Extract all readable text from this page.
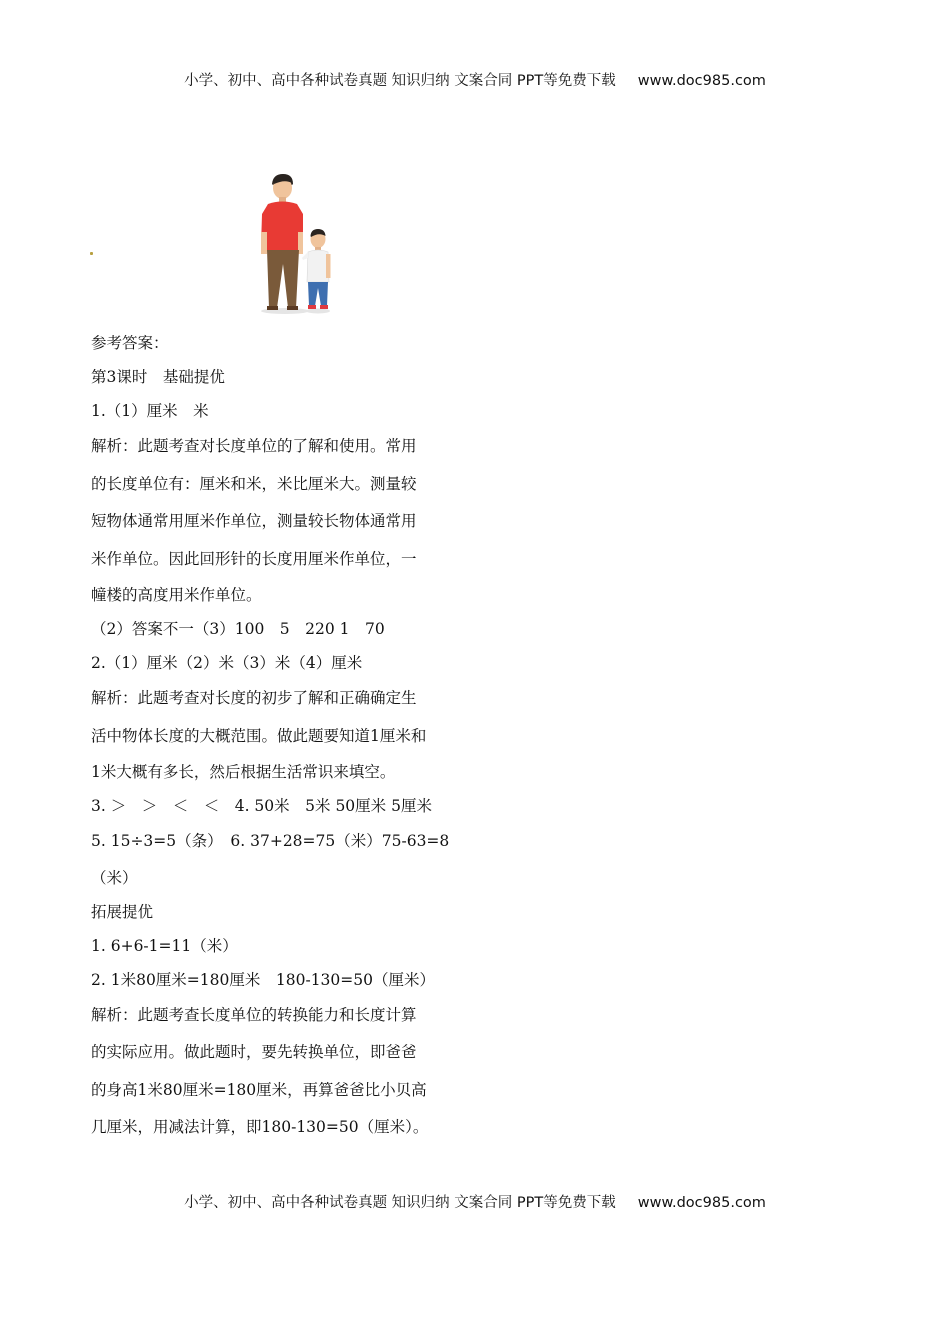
小学、初中、高中各种试卷真题 知识归纳 文案合同 PPT等免费下载 www.doc985.com

参考答案：

第3课时　基础提优

1.（1）厘米　米

解析：此题考查对长度单位的了解和使用。常用

的长度单位有：厘米和米，米比厘米大。测量较

短物体通常用厘米作单位，测量较长物体通常用

米作单位。因此回形针的长度用厘米作单位，一

幢楼的高度用米作单位。

（2）答案不一（3）100　5　220 1　70

2.（1）厘米（2）米（3）米（4）厘米

解析：此题考查对长度的初步了解和正确确定生

活中物体长度的大概范围。做此题要知道1厘米和

1米大概有多长，然后根据生活常识来填空。

3. ＞　＞　＜　＜　4. 50米　5米 50厘米 5厘米

5. 15÷3=5（条）　6. 37+28=75（米）75-63=8

（米）

拓展提优

1. 6+6-1=11（米）

2. 1米80厘米=180厘米　180-130=50（厘米）

解析：此题考查长度单位的转换能力和长度计算

的实际应用。做此题时，要先转换单位，即爸爸

的身高1米80厘米=180厘米，再算爸爸比小贝高

几厘米，用减法计算，即180-130=50（厘米）。

小学、初中、高中各种试卷真题 知识归纳 文案合同 PPT等免费下载 www.doc985.com
